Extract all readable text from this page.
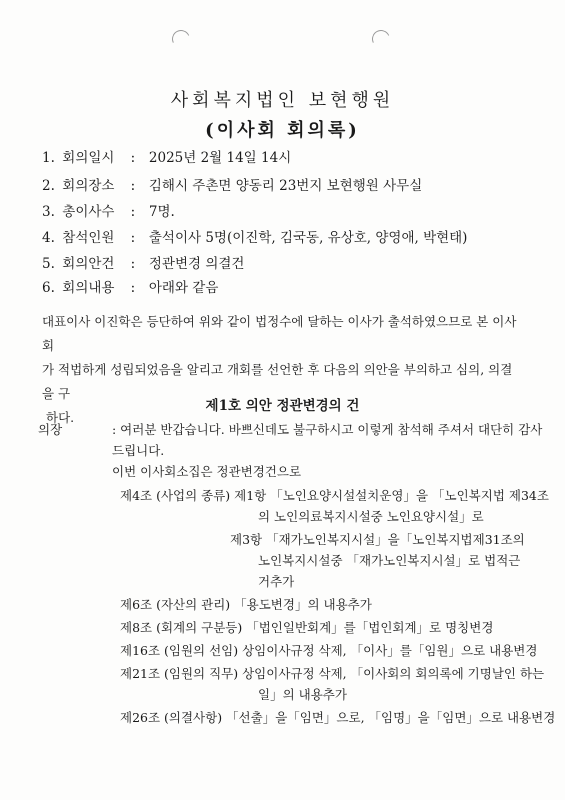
사회복지법인 보현행원
(이사회 회의록)
1. 회의일시 : 2025년 2월 14일 14시
2. 회의장소 : 김해시 주촌면 양동리 23번지 보현행원 사무실
3. 총이사수 : 7명.
4. 참석인원 : 출석이사 5명(이진학, 김국동, 유상호, 양영애, 박현태)
5. 회의안건 : 정관변경 의결건
6. 회의내용 : 아래와 같음
대표이사 이진학은 등단하여 위와 같이 법정수에 달하는 이사가 출석하였으므로 본 이사회
가 적법하게 성립되었음을 알리고 개회를 선언한 후 다음의 의안을 부의하고 심의, 의결을 구
하다.
제1호 의안 정관변경의 건
의장	: 여러분 반갑습니다. 바쁘신데도 불구하시고 이렇게 참석해 주셔서 대단히 감사
드립니다.
이번 이사회소집은 정관변경건으로
제4조 (사업의 종류) 제1항 「노인요양시설설치운영」을 「노인복지법 제34조
의 노인의료복지시설중 노인요양시설」로
제3항 「재가노인복지시설」을「노인복지법제31조의
노인복지시설중 「재가노인복지시설」로 법적근
거추가
제6조 (자산의 관리) 「용도변경」의 내용추가
제8조 (회계의 구분등) 「법인일반회계」를「법인회계」로 명칭변경
제16조 (임원의 선임) 상임이사규정 삭제, 「이사」를「임원」으로 내용변경
제21조 (임원의 직무) 상임이사규정 삭제, 「이사회의 회의록에 기명날인 하는
일」의 내용추가
제26조 (의결사항) 「선출」을「임면」으로, 「임명」을「임면」으로 내용변경
